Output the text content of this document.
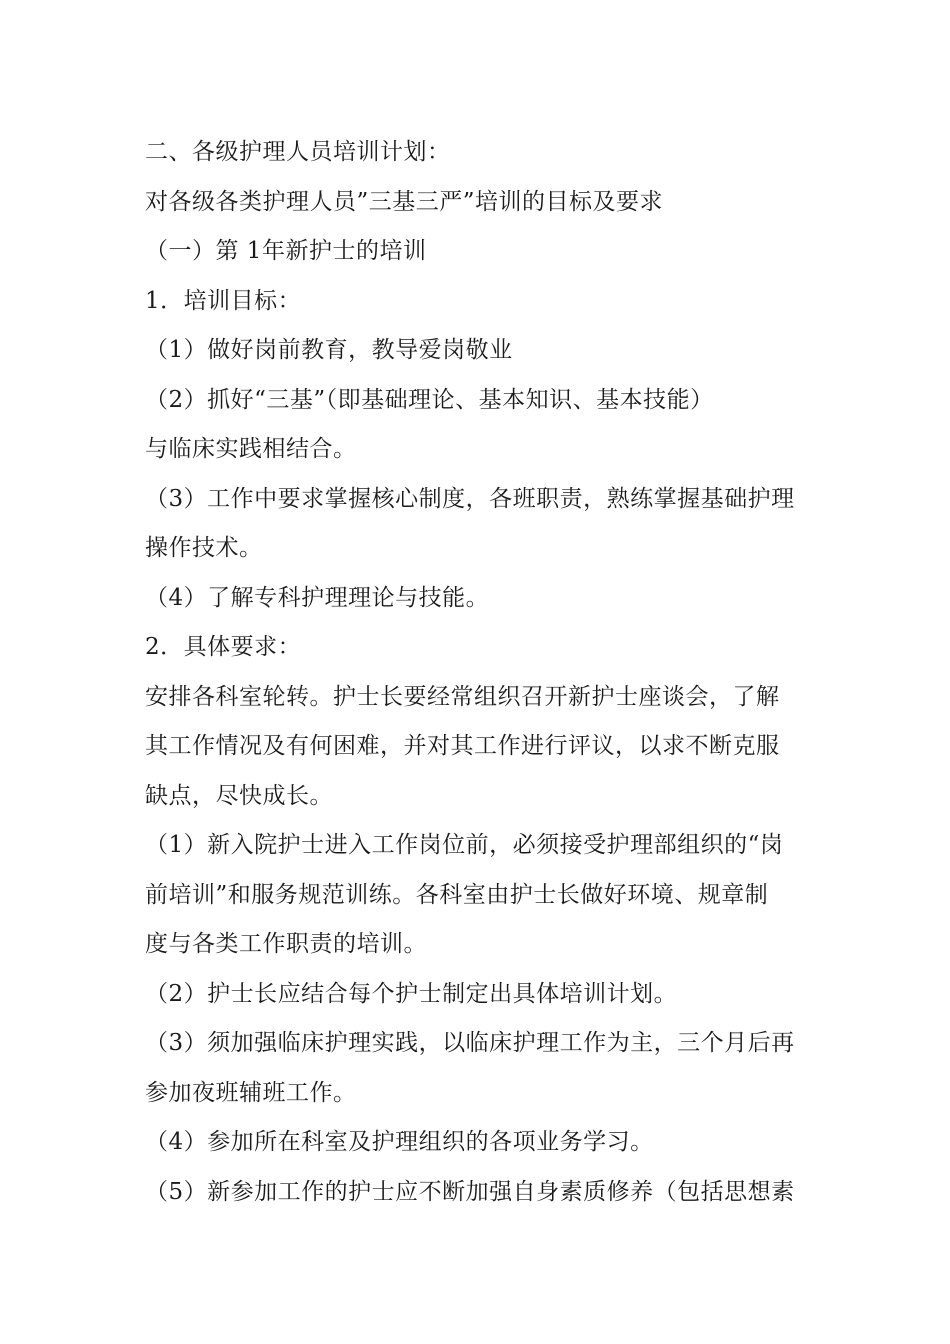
二、各级护理人员培训计划：
对各级各类护理人员”三基三严”培训的目标及要求
（一）第 1年新护士的培训
1．培训目标：
（1）做好岗前教育，教导爱岗敬业
（2）抓好“三基”（即基础理论、基本知识、基本技能）
与临床实践相结合。
（3）工作中要求掌握核心制度，各班职责，熟练掌握基础护理
操作技术。
（4）了解专科护理理论与技能。
2．具体要求：
安排各科室轮转。护士长要经常组织召开新护士座谈会，了解
其工作情况及有何困难，并对其工作进行评议，以求不断克服
缺点，尽快成长。
（1）新入院护士进入工作岗位前，必须接受护理部组织的“岗
前培训”和服务规范训练。各科室由护士长做好环境、规章制
度与各类工作职责的培训。
（2）护士长应结合每个护士制定出具体培训计划。
（3）须加强临床护理实践，以临床护理工作为主，三个月后再
参加夜班辅班工作。
（4）参加所在科室及护理组织的各项业务学习。
（5）新参加工作的护士应不断加强自身素质修养（包括思想素
